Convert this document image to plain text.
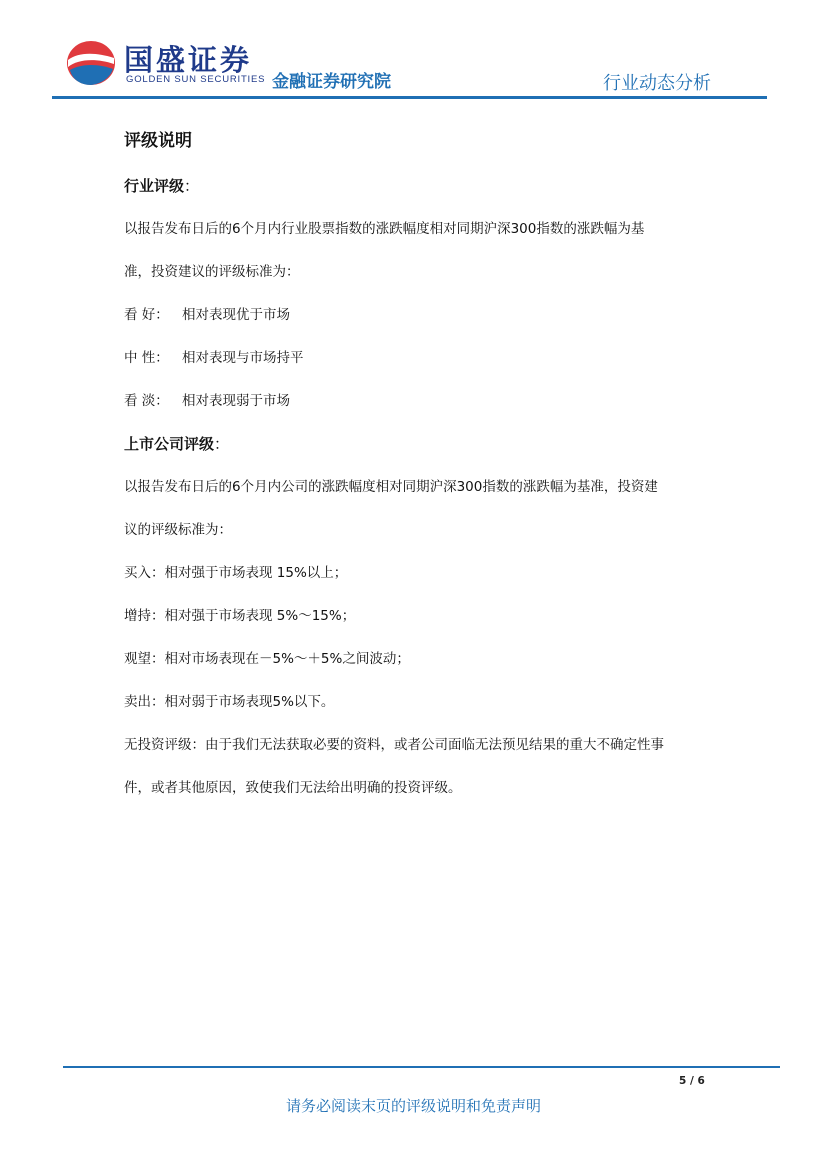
国盛证券
GOLDEN SUN SECURITIES 金融证券研究院	行业动态分析

评级说明

行业评级：

以报告发布日后的6个月内行业股票指数的涨跌幅度相对同期沪深300指数的涨跌幅为基

准，投资建议的评级标准为：

看 好： 相对表现优于市场

中 性： 相对表现与市场持平

看 淡： 相对表现弱于市场

上市公司评级：

以报告发布日后的6个月内公司的涨跌幅度相对同期沪深300指数的涨跌幅为基准，投资建

议的评级标准为：

买入：相对强于市场表现 15%以上；

增持：相对强于市场表现 5%～15%；

观望：相对市场表现在－5%～＋5%之间波动；

卖出：相对弱于市场表现5%以下。

无投资评级：由于我们无法获取必要的资料，或者公司面临无法预见结果的重大不确定性事

件，或者其他原因，致使我们无法给出明确的投资评级。

5 / 6
请务必阅读末页的评级说明和免责声明
